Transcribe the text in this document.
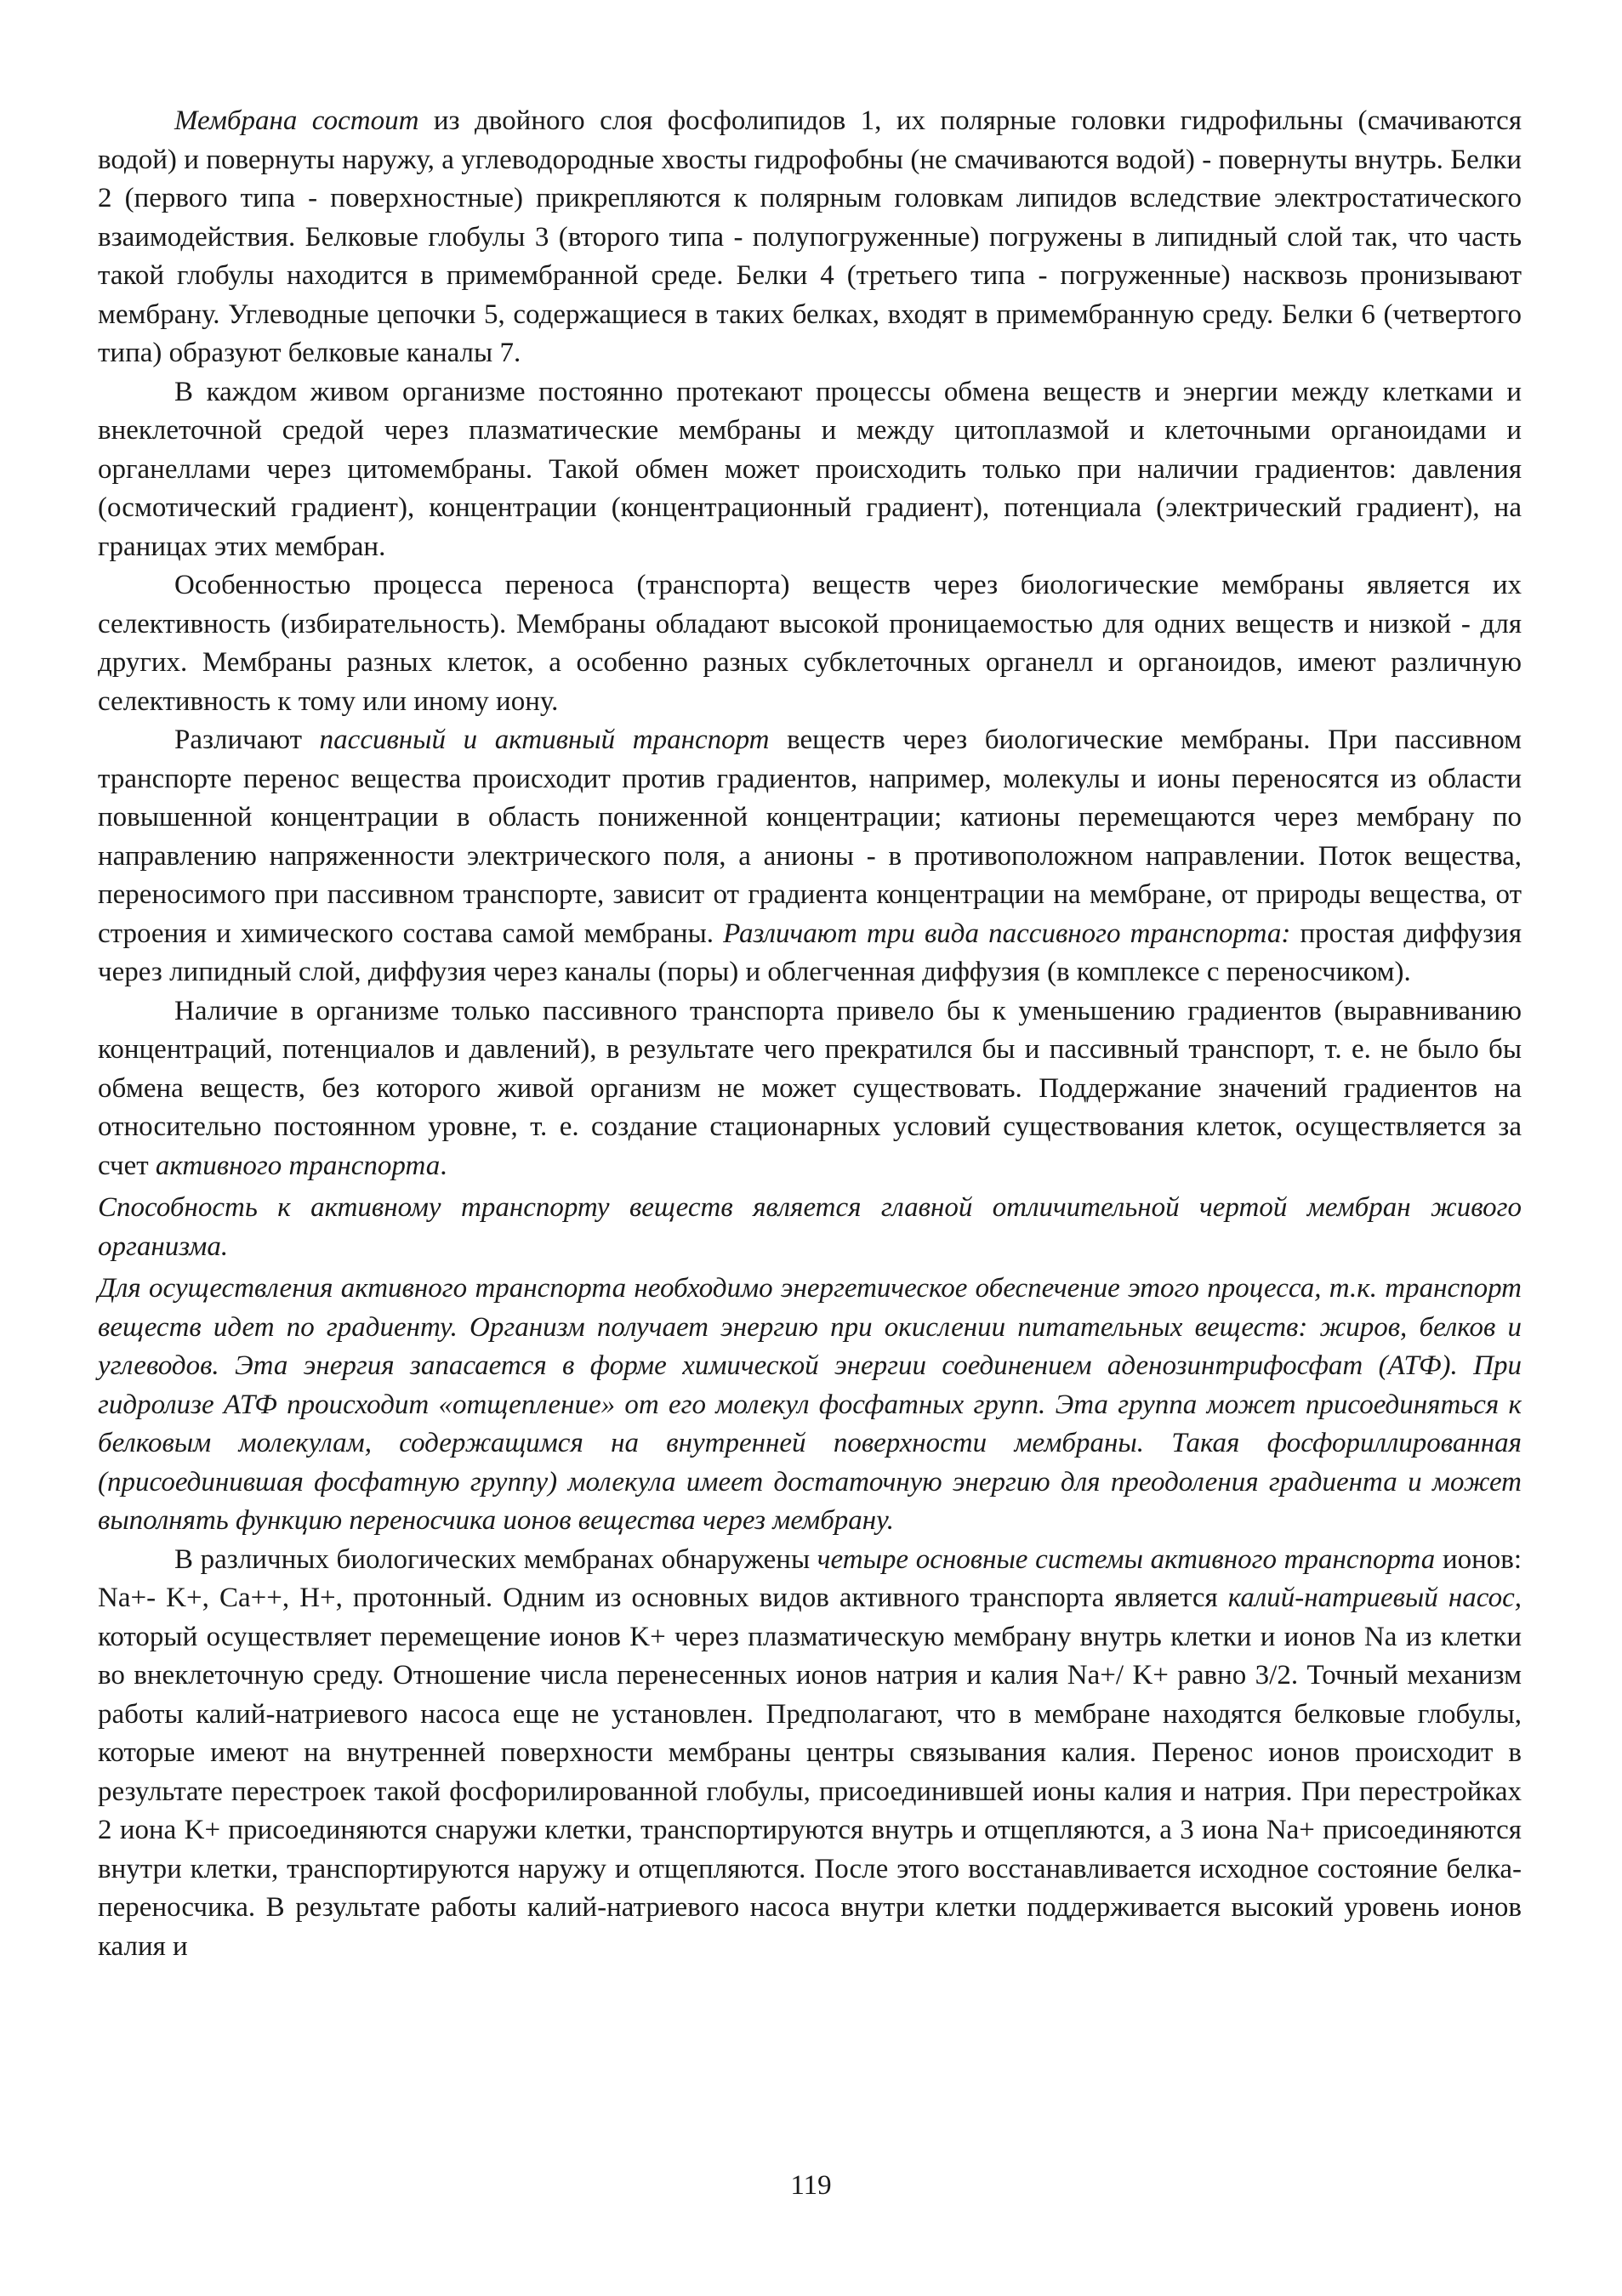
Мембрана состоит из двойного слоя фосфолипидов 1, их полярные головки гидрофильны (смачиваются водой) и повернуты наружу, а углеводородные хвосты гидрофобны (не смачиваются водой) - повернуты внутрь. Белки 2 (первого типа - поверхностные) прикрепляются к полярным головкам липидов вследствие электростатического взаимодействия. Белковые глобулы 3 (второго типа - полупогруженные) погружены в липидный слой так, что часть такой глобулы находится в примембранной среде. Белки 4 (третьего типа - погруженные) насквозь пронизывают мембрану. Углеводные цепочки 5, содержащиеся в таких белках, входят в примембранную среду. Белки 6 (четвертого типа) образуют белковые каналы 7.

В каждом живом организме постоянно протекают процессы обмена веществ и энергии между клетками и внеклеточной средой через плазматические мембраны и между цитоплазмой и клеточными органоидами и органеллами через цитомембраны. Такой обмен может происходить только при наличии градиентов: давления (осмотический градиент), концентрации (концентрационный градиент), потенциала (электрический градиент), на границах этих мембран.

Особенностью процесса переноса (транспорта) веществ через биологические мембраны является их селективность (избирательность). Мембраны обладают высокой проницаемостью для одних веществ и низкой - для других. Мембраны разных клеток, а особенно разных субклеточных органелл и органоидов, имеют различную селективность к тому или иному иону.

Различают пассивный и активный транспорт веществ через биологические мембраны. При пассивном транспорте перенос вещества происходит против градиентов, например, молекулы и ионы переносятся из области повышенной концентрации в область пониженной концентрации; катионы перемещаются через мембрану по направлению напряженности электрического поля, а анионы - в противоположном направлении. Поток вещества, переносимого при пассивном транспорте, зависит от градиента концентрации на мембране, от природы вещества, от строения и химического состава самой мембраны. Различают три вида пассивного транспорта: простая диффузия через липидный слой, диффузия через каналы (поры) и облегченная диффузия (в комплексе с переносчиком).

Наличие в организме только пассивного транспорта привело бы к уменьшению градиентов (выравниванию концентраций, потенциалов и давлений), в результате чего прекратился бы и пассивный транспорт, т. е. не было бы обмена веществ, без которого живой организм не может существовать. Поддержание значений градиентов на относительно постоянном уровне, т. е. создание стационарных условий существования клеток, осуществляется за счет активного транспорта.

Способность к активному транспорту веществ является главной отличительной чертой мембран живого организма.

Для осуществления активного транспорта необходимо энергетическое обеспечение этого процесса, т.к. транспорт веществ идет по градиенту. Организм получает энергию при окислении питательных веществ: жиров, белков и углеводов. Эта энергия запасается в форме химической энергии соединением аденозинтрифосфат (АТФ). При гидролизе АТФ происходит «отщепление» от его молекул фосфатных групп. Эта группа может присоединяться к белковым молекулам, содержащимся на внутренней поверхности мембраны. Такая фосфориллированная (присоединившая фосфатную группу) молекула имеет достаточную энергию для преодоления градиента и может выполнять функцию переносчика ионов вещества через мембрану.

В различных биологических мембранах обнаружены четыре основные системы активного транспорта ионов: Na+- K+, Ca++, H+, протонный. Одним из основных видов активного транспорта является калий-натриевый насос, который осуществляет перемещение ионов K+ через плазматическую мембрану внутрь клетки и ионов Na из клетки во внеклеточную среду. Отношение числа перенесенных ионов натрия и калия Na+/ K+ равно 3/2. Точный механизм работы калий-натриевого насоса еще не установлен. Предполагают, что в мембране находятся белковые глобулы, которые имеют на внутренней поверхности мембраны центры связывания калия. Перенос ионов происходит в результате перестроек такой фосфорилированной глобулы, присоединившей ионы калия и натрия. При перестройках 2 иона K+ присоединяются снаружи клетки, транспортируются внутрь и отщепляются, а 3 иона Na+ присоединяются внутри клетки, транспортируются наружу и отщепляются. После этого восстанавливается исходное состояние белка-переносчика. В результате работы калий-натриевого насоса внутри клетки поддерживается высокий уровень ионов калия и

119
